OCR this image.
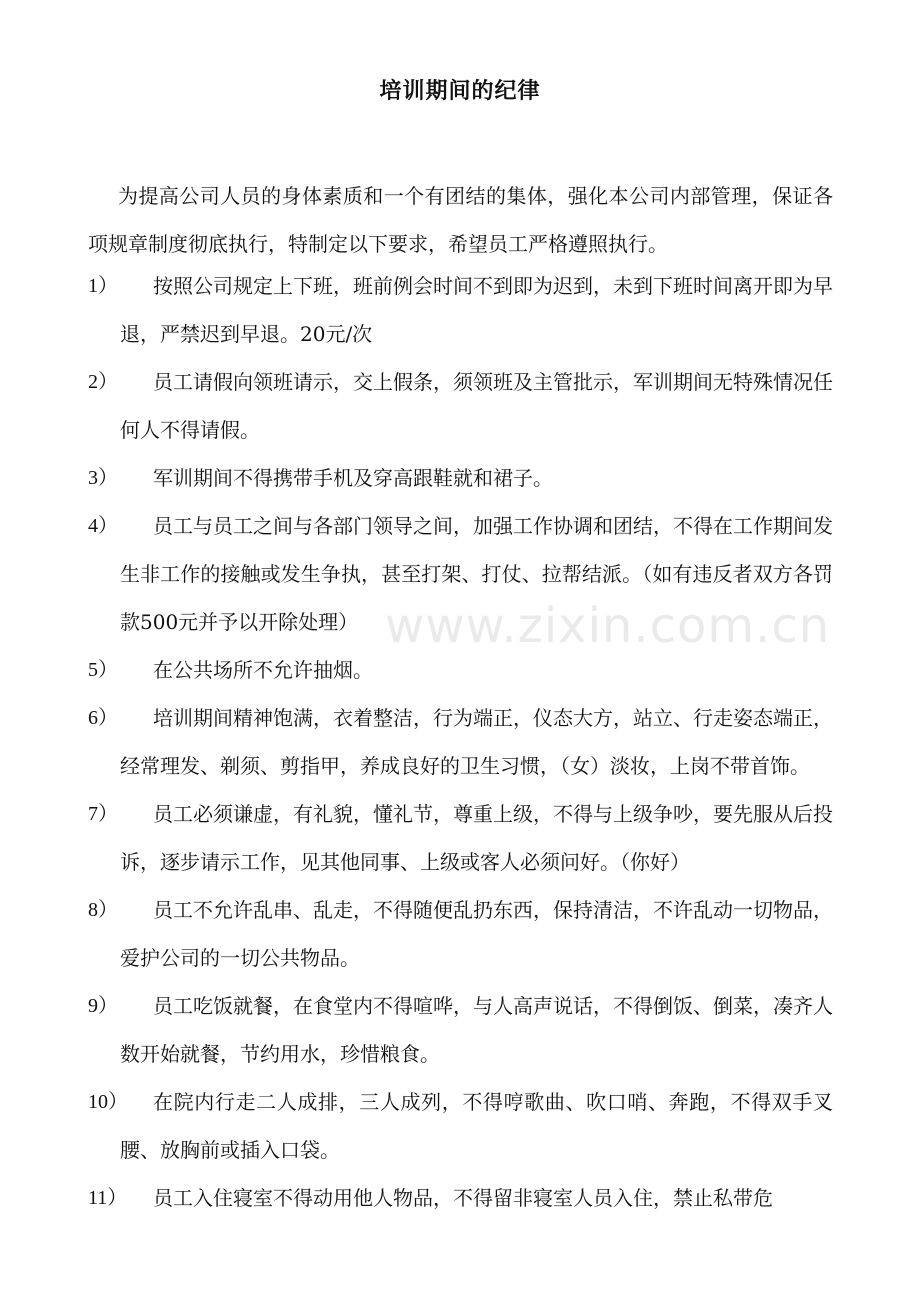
培训期间的纪律
为提高公司人员的身体素质和一个有团结的集体，强化本公司内部管理，保证各项规章制度彻底执行，特制定以下要求，希望员工严格遵照执行。
1）	按照公司规定上下班，班前例会时间不到即为迟到，未到下班时间离开即为早退，严禁迟到早退。20元/次
2）	员工请假向领班请示，交上假条，须领班及主管批示，军训期间无特殊情况任何人不得请假。
3）	军训期间不得携带手机及穿高跟鞋就和裙子。
4）	员工与员工之间与各部门领导之间，加强工作协调和团结，不得在工作期间发生非工作的接触或发生争执，甚至打架、打仗、拉帮结派。（如有违反者双方各罚款500元并予以开除处理）
5）	在公共场所不允许抽烟。
6）	培训期间精神饱满，衣着整洁，行为端正，仪态大方，站立、行走姿态端正，经常理发、剃须、剪指甲，养成良好的卫生习惯，（女）淡妆，上岗不带首饰。
7）	员工必须谦虚，有礼貌，懂礼节，尊重上级，不得与上级争吵，要先服从后投诉，逐步请示工作，见其他同事、上级或客人必须问好。（你好）
8）	员工不允许乱串、乱走，不得随便乱扔东西，保持清洁，不许乱动一切物品，爱护公司的一切公共物品。
9）	员工吃饭就餐，在食堂内不得喧哗，与人高声说话，不得倒饭、倒菜，凑齐人数开始就餐，节约用水，珍惜粮食。
10）	在院内行走二人成排，三人成列，不得哼歌曲、吹口哨、奔跑，不得双手叉腰、放胸前或插入口袋。
11）	员工入住寝室不得动用他人物品，不得留非寝室人员入住，禁止私带危
www.zixin.com.cn
